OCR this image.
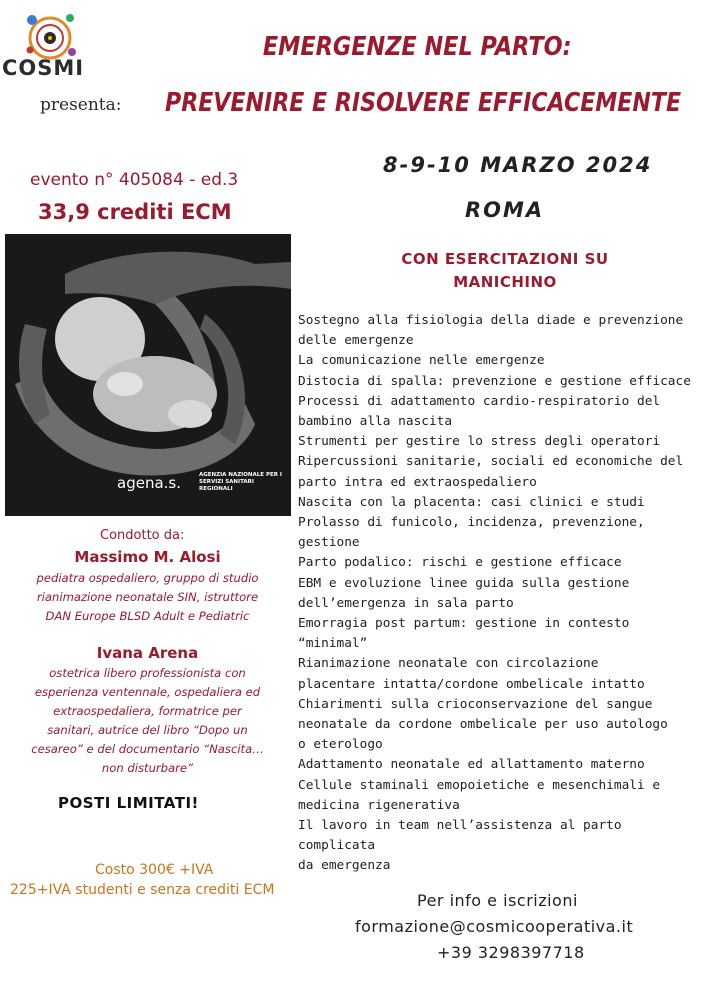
COSMI
presenta:
EMERGENZE NEL PARTO:
PREVENIRE E RISOLVERE EFFICACEMENTE
8-9-10 MARZO 2024
ROMA
evento n° 405084 - ed.3
33,9 crediti ECM
agena.s.	AGENZIA NAZIONALE PER I SERVIZI SANITARI REGIONALI
Condotto da:
Massimo M. Alosi
pediatra ospedaliero, gruppo di studio
rianimazione neonatale SIN, istruttore
DAN Europe BLSD Adult e Pediatric
Ivana Arena
ostetrica libero professionista con
esperienza ventennale, ospedaliera ed
extraospedaliera, formatrice per
sanitari, autrice del libro “Dopo un
cesareo” e del documentario “Nascita…
non disturbare”
POSTI LIMITATI!
Costo 300€ +IVA
225+IVA studenti e senza crediti ECM
CON ESERCITAZIONI SU
MANICHINO
Sostegno alla fisiologia della diade e prevenzione
delle emergenze
La comunicazione nelle emergenze
Distocia di spalla: prevenzione e gestione efficace
Processi di adattamento cardio-respiratorio del
bambino alla nascita
Strumenti per gestire lo stress degli operatori
Ripercussioni sanitarie, sociali ed economiche del
parto intra ed extraospedaliero
Nascita con la placenta: casi clinici e studi
Prolasso di funicolo, incidenza, prevenzione,
gestione
Parto podalico: rischi e gestione efficace
EBM e evoluzione linee guida sulla gestione
dell’emergenza in sala parto
Emorragia post partum: gestione in contesto
“minimal”
Rianimazione neonatale con circolazione
placentare intatta/cordone ombelicale intatto
Chiarimenti sulla crioconservazione del sangue
neonatale da cordone ombelicale per uso autologo
o eterologo
Adattamento neonatale ed allattamento materno
Cellule staminali emopoietiche e mesenchimali e
medicina rigenerativa
Il lavoro in team nell’assistenza al parto complicata
da emergenza
Per info e iscrizioni
formazione@cosmicooperativa.it
+39 3298397718
